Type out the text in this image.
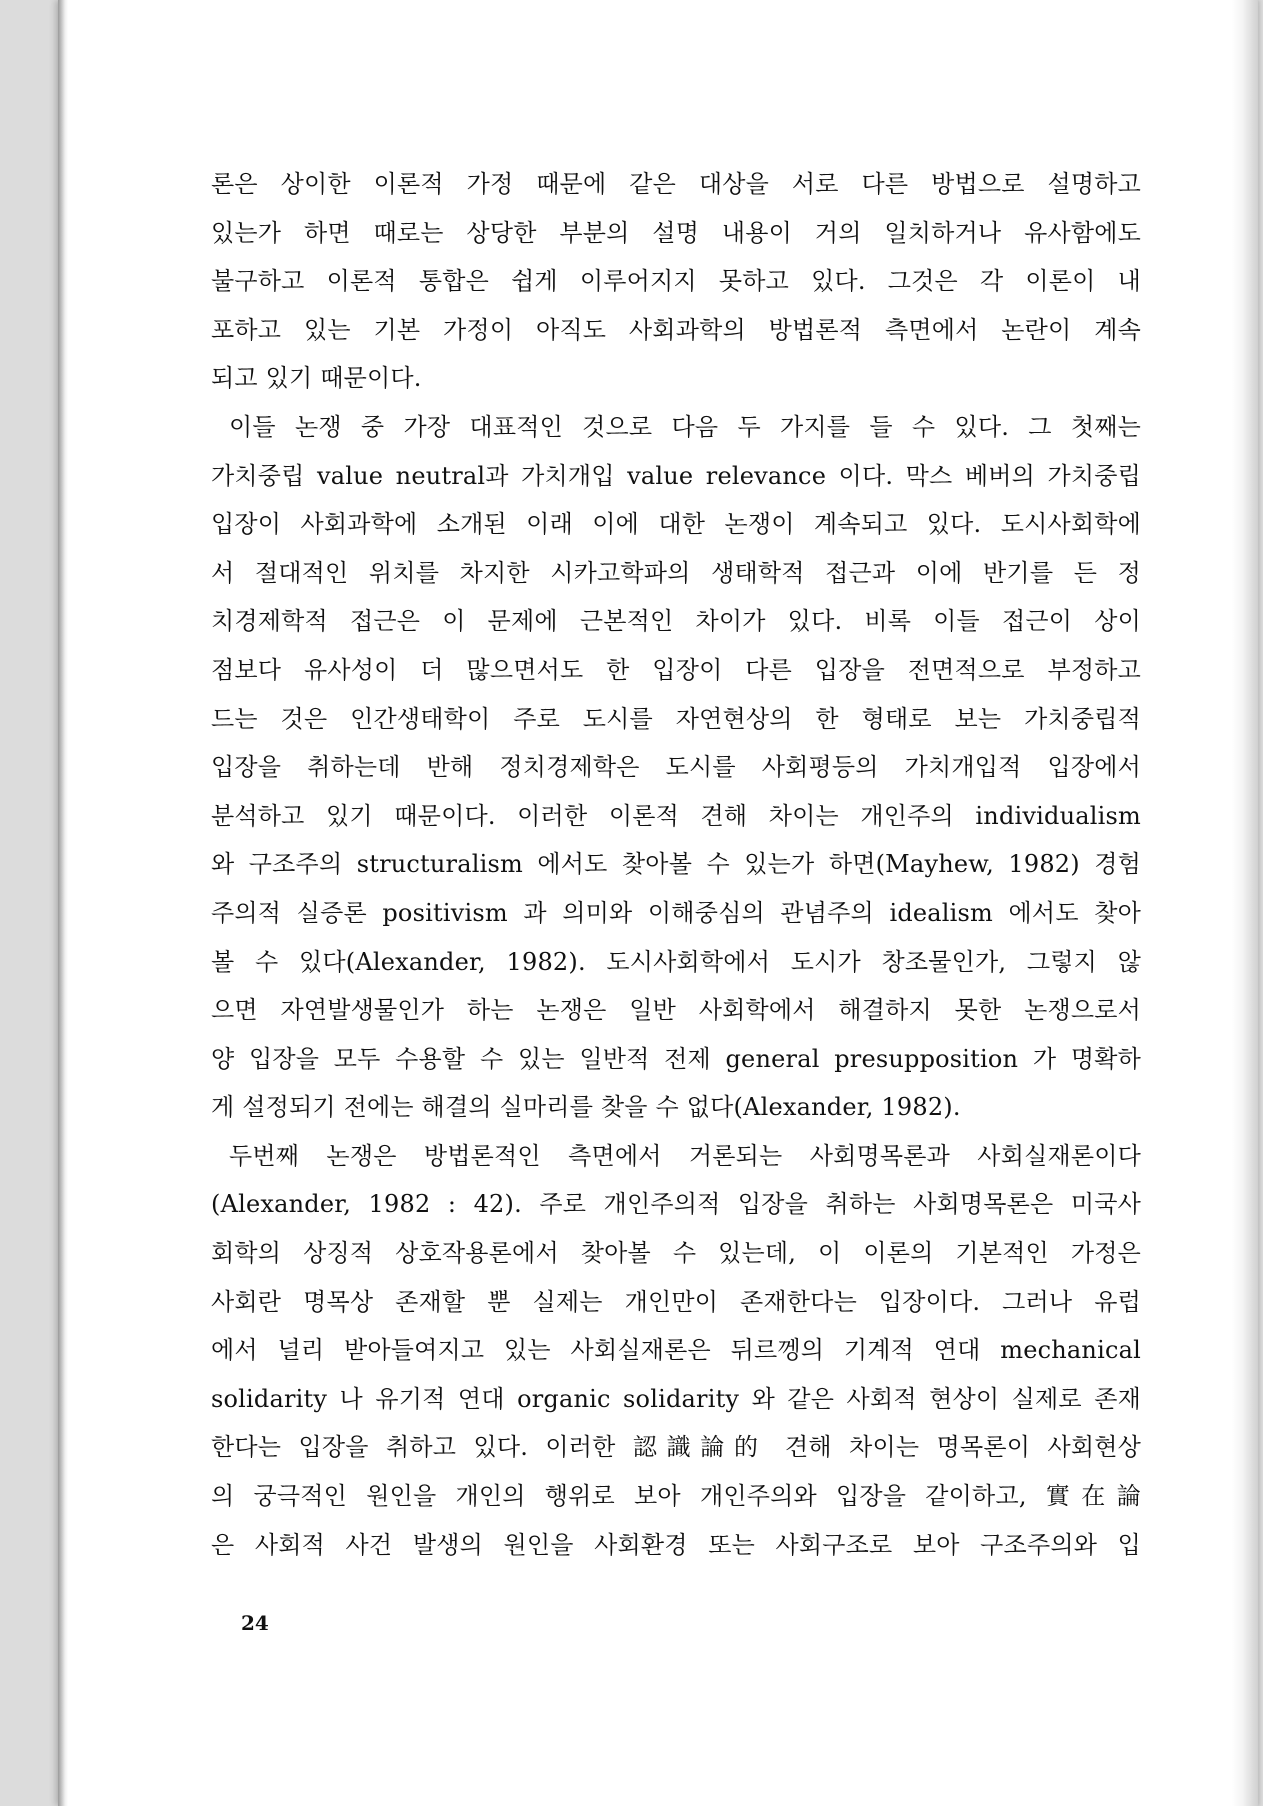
론은 상이한 이론적 가정 때문에 같은 대상을 서로 다른 방법으로 설명하고
있는가 하면 때로는 상당한 부분의 설명 내용이 거의 일치하거나 유사함에도
불구하고 이론적 통합은 쉽게 이루어지지 못하고 있다. 그것은 각 이론이 내
포하고 있는 기본 가정이 아직도 사회과학의 방법론적 측면에서 논란이 계속
되고 있기 때문이다.
이들 논쟁 중 가장 대표적인 것으로 다음 두 가지를 들 수 있다. 그 첫째는
가치중립 value neutral과 가치개입 value relevance 이다. 막스 베버의 가치중립
입장이 사회과학에 소개된 이래 이에 대한 논쟁이 계속되고 있다. 도시사회학에
서 절대적인 위치를 차지한 시카고학파의 생태학적 접근과 이에 반기를 든 정
치경제학적 접근은 이 문제에 근본적인 차이가 있다. 비록 이들 접근이 상이
점보다 유사성이 더 많으면서도 한 입장이 다른 입장을 전면적으로 부정하고
드는 것은 인간생태학이 주로 도시를 자연현상의 한 형태로 보는 가치중립적
입장을 취하는데 반해 정치경제학은 도시를 사회평등의 가치개입적 입장에서
분석하고 있기 때문이다. 이러한 이론적 견해 차이는 개인주의 individualism
와 구조주의 structuralism 에서도 찾아볼 수 있는가 하면(Mayhew, 1982) 경험
주의적 실증론 positivism 과 의미와 이해중심의 관념주의 idealism 에서도 찾아
볼 수 있다(Alexander, 1982). 도시사회학에서 도시가 창조물인가, 그렇지 않
으면 자연발생물인가 하는 논쟁은 일반 사회학에서 해결하지 못한 논쟁으로서
양 입장을 모두 수용할 수 있는 일반적 전제 general presupposition 가 명확하
게 설정되기 전에는 해결의 실마리를 찾을 수 없다(Alexander, 1982).
두번째 논쟁은 방법론적인 측면에서 거론되는 사회명목론과 사회실재론이다
(Alexander, 1982 : 42). 주로 개인주의적 입장을 취하는 사회명목론은 미국사
회학의 상징적 상호작용론에서 찾아볼 수 있는데, 이 이론의 기본적인 가정은
사회란 명목상 존재할 뿐 실제는 개인만이 존재한다는 입장이다. 그러나 유럽
에서 널리 받아들여지고 있는 사회실재론은 뒤르껭의 기계적 연대 mechanical
solidarity 나 유기적 연대 organic solidarity 와 같은 사회적 현상이 실제로 존재
한다는 입장을 취하고 있다. 이러한 認識論的 견해 차이는 명목론이 사회현상
의 궁극적인 원인을 개인의 행위로 보아 개인주의와 입장을 같이하고, 實在論
은 사회적 사건 발생의 원인을 사회환경 또는 사회구조로 보아 구조주의와 입
24
